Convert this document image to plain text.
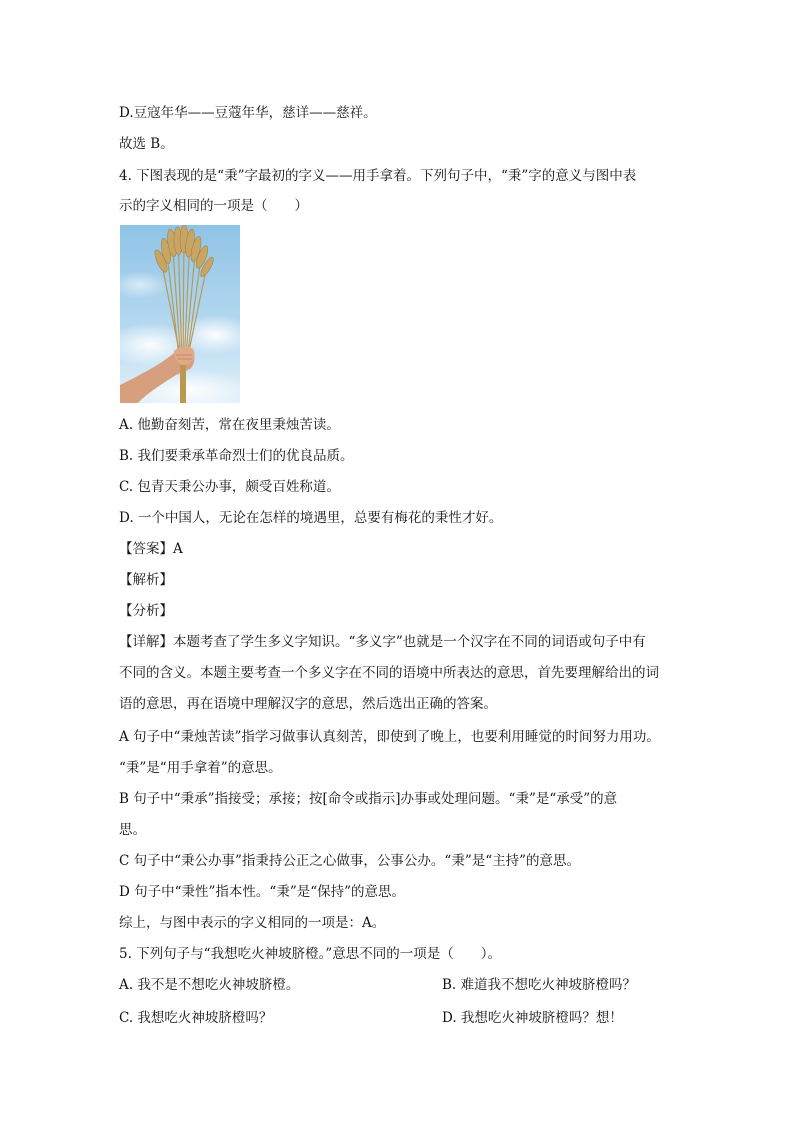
D.豆寇年华——豆蔻年华，慈详——慈祥。
故选 B。
4. 下图表现的是“秉”字最初的字义——用手拿着。下列句子中，“秉”字的意义与图中表
示的字义相同的一项是（　　）
A. 他勤奋刻苦，常在夜里秉烛苦读。
B. 我们要秉承革命烈士们的优良品质。
C. 包青天秉公办事，颇受百姓称道。
D. 一个中国人，无论在怎样的境遇里，总要有梅花的秉性才好。
【答案】A
【解析】
【分析】
【详解】本题考查了学生多义字知识。“多义字”也就是一个汉字在不同的词语或句子中有
不同的含义。本题主要考查一个多义字在不同的语境中所表达的意思，首先要理解给出的词
语的意思，再在语境中理解汉字的意思，然后选出正确的答案。
A 句子中“秉烛苦读”指学习做事认真刻苦，即使到了晚上，也要利用睡觉的时间努力用功。
“秉”是“用手拿着”的意思。
B 句子中“秉承”指接受；承接；按[命令或指示]办事或处理问题。“秉”是“承受”的意
思。
C 句子中“秉公办事”指秉持公正之心做事，公事公办。“秉”是“主持”的意思。
D 句子中“秉性”指本性。“秉”是“保持”的意思。
综上，与图中表示的字义相同的一项是：A。
5. 下列句子与“我想吃火神坡脐橙。”意思不同的一项是（　　）。
A. 我不是不想吃火神坡脐橙。	B. 难道我不想吃火神坡脐橙吗？
C. 我想吃火神坡脐橙吗？	D. 我想吃火神坡脐橙吗？想！
